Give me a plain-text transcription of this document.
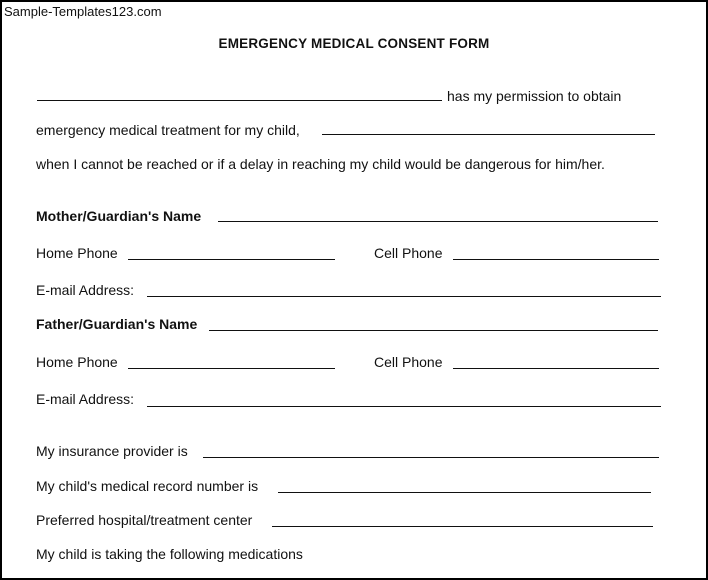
Sample-Templates123.com
EMERGENCY MEDICAL CONSENT FORM
has my permission to obtain
emergency medical treatment for my child,
when I cannot be reached or if a delay in reaching my child would be dangerous for him/her.
Mother/Guardian's Name
Home Phone	Cell Phone
E-mail Address:
Father/Guardian's Name
Home Phone	Cell Phone
E-mail Address:
My insurance provider is
My child's medical record number is
Preferred hospital/treatment center
My child is taking the following medications
